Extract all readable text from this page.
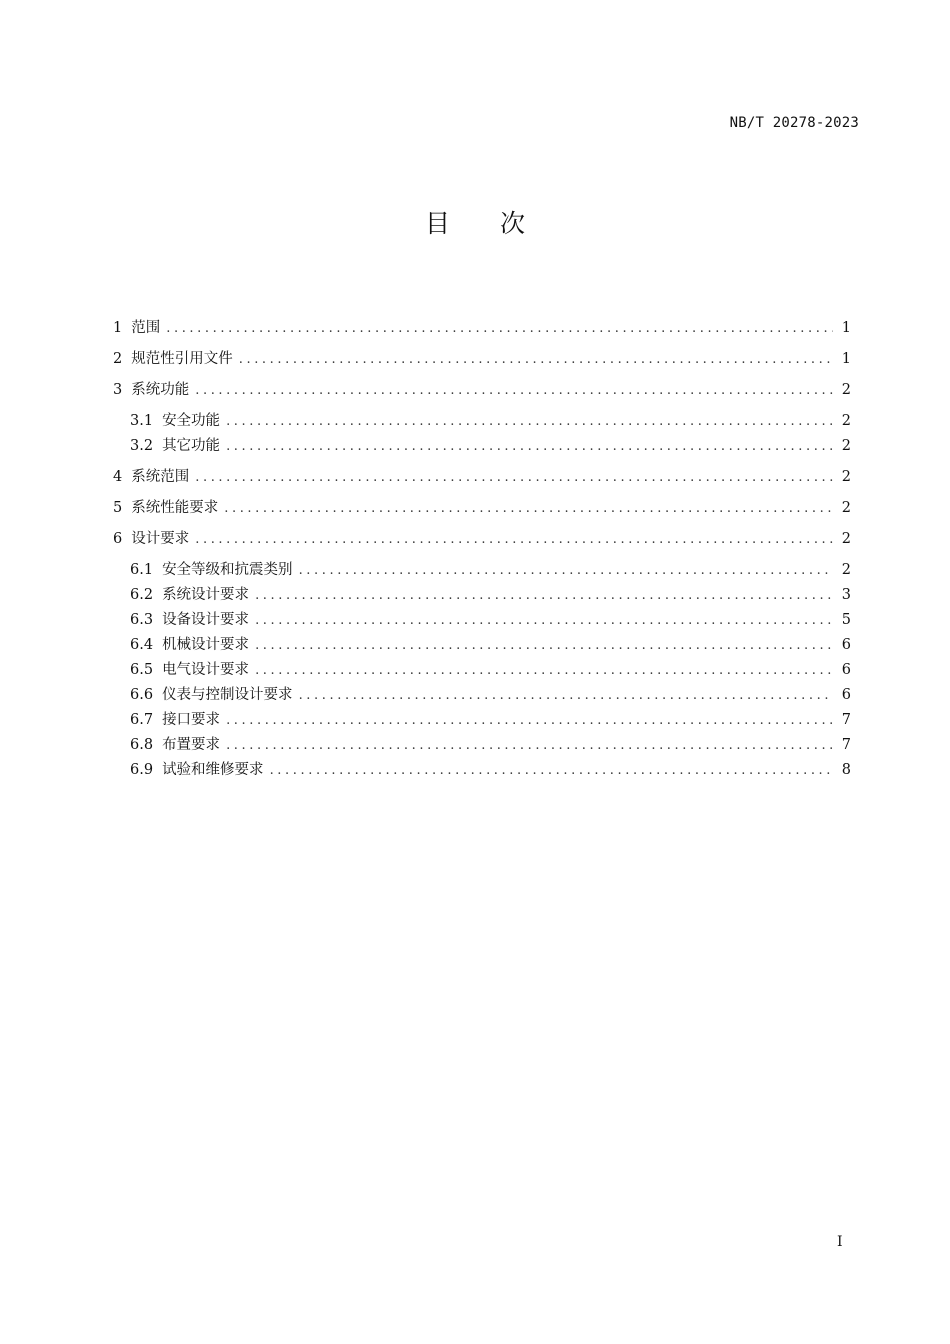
NB/T 20278-2023
目 次
1 范围 .....	1
2 规范性引用文件 .....	1
3 系统功能 .....	2
3.1 安全功能 .....	2
3.2 其它功能 .....	2
4 系统范围 .....	2
5 系统性能要求 .....	2
6 设计要求 .....	2
6.1 安全等级和抗震类别 .....	2
6.2 系统设计要求 .....	3
6.3 设备设计要求 .....	5
6.4 机械设计要求 .....	6
6.5 电气设计要求 .....	6
6.6 仪表与控制设计要求 .....	6
6.7 接口要求 .....	7
6.8 布置要求 .....	7
6.9 试验和维修要求 .....	8
I
